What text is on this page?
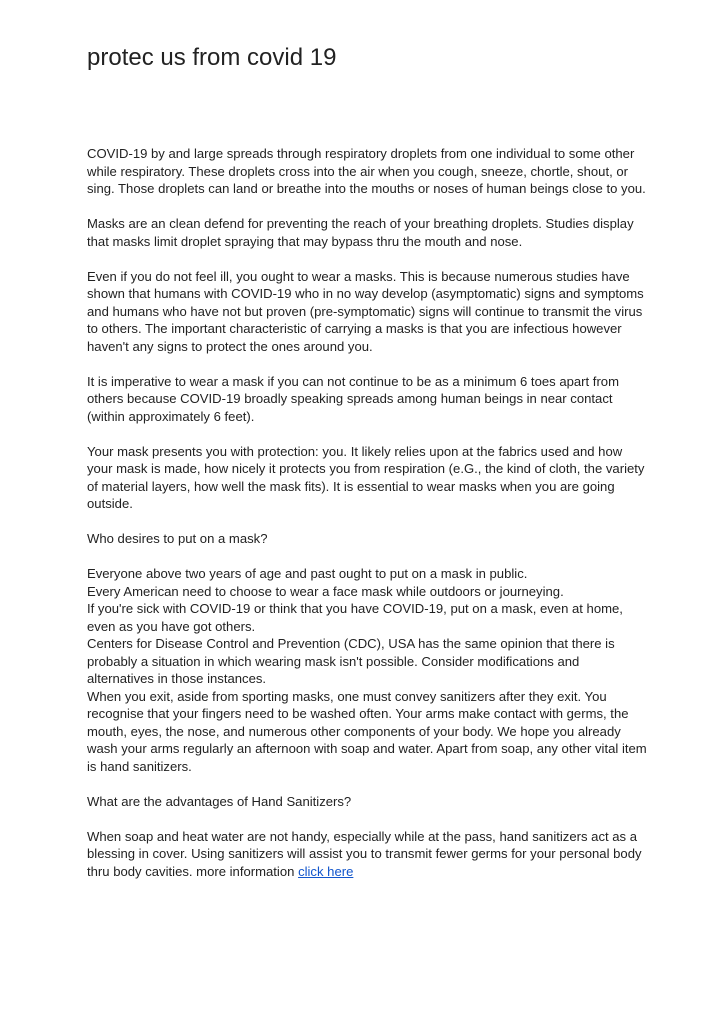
protec us from covid 19

COVID-19 by and large spreads through respiratory droplets from one individual to some other while respiratory. These droplets cross into the air when you cough, sneeze, chortle, shout, or sing. Those droplets can land or breathe into the mouths or noses of human beings close to you.

Masks are an clean defend for preventing the reach of your breathing droplets. Studies display that masks limit droplet spraying that may bypass thru the mouth and nose.

Even if you do not feel ill, you ought to wear a masks. This is because numerous studies have shown that humans with COVID-19 who in no way develop (asymptomatic) signs and symptoms and humans who have not but proven (pre-symptomatic) signs will continue to transmit the virus to others. The important characteristic of carrying a masks is that you are infectious however haven't any signs to protect the ones around you.

It is imperative to wear a mask if you can not continue to be as a minimum 6 toes apart from others because COVID-19 broadly speaking spreads among human beings in near contact (within approximately 6 feet).

Your mask presents you with protection: you. It likely relies upon at the fabrics used and how your mask is made, how nicely it protects you from respiration (e.G., the kind of cloth, the variety of material layers, how well the mask fits). It is essential to wear masks when you are going outside.

Who desires to put on a mask?

Everyone above two years of age and past ought to put on a mask in public.
Every American need to choose to wear a face mask while outdoors or journeying.
If you're sick with COVID-19 or think that you have COVID-19, put on a mask, even at home, even as you have got others.
Centers for Disease Control and Prevention (CDC), USA has the same opinion that there is probably a situation in which wearing mask isn't possible. Consider modifications and alternatives in those instances.
When you exit, aside from sporting masks, one must convey sanitizers after they exit. You recognise that your fingers need to be washed often. Your arms make contact with germs, the mouth, eyes, the nose, and numerous other components of your body. We hope you already wash your arms regularly an afternoon with soap and water. Apart from soap, any other vital item is hand sanitizers.

What are the advantages of Hand Sanitizers?

When soap and heat water are not handy, especially while at the pass, hand sanitizers act as a blessing in cover. Using sanitizers will assist you to transmit fewer germs for your personal body thru body cavities. more information click here
